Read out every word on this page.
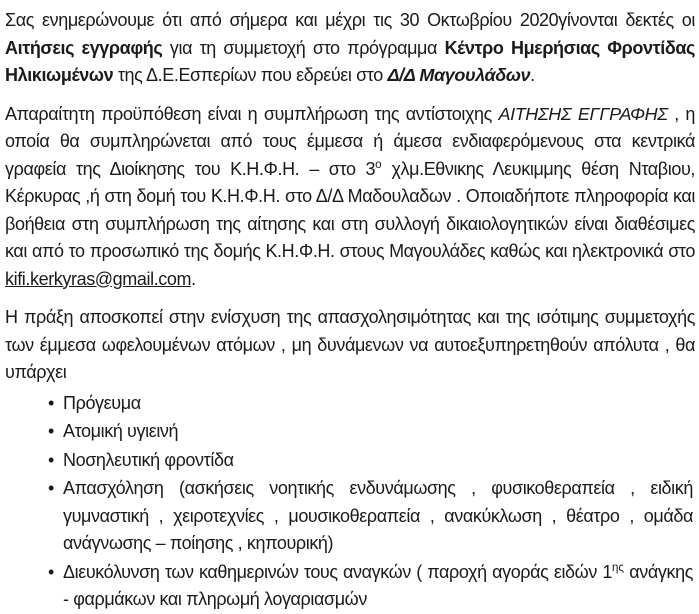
Σας ενημερώνουμε ότι από σήμερα και μέχρι τις 30 Οκτωβρίου 2020γίνονται δεκτές οι Αιτήσεις εγγραφής για τη συμμετοχή στο πρόγραμμα Κέντρο Ημερήσιας Φροντίδας Ηλικιωμένων της Δ.Ε.Εσπερίων που εδρεύει στο Δ/Δ Μαγουλάδων.

Απαραίτητη προϋπόθεση είναι η συμπλήρωση της αντίστοιχης ΑΙΤΗΣΗΣ ΕΓΓΡΑΦΗΣ , η οποία θα συμπληρώνεται από τους έμμεσα ή άμεσα ενδιαφερόμενους στα κεντρικά γραφεία της Διοίκησης του Κ.Η.Φ.Η. – στο $3^o$ χλμ.Εθνικης Λευκιμμης θέση Νταβιου, Κέρκυρας ,ή στη δομή του Κ.Η.Φ.Η. στο Δ/Δ Μαδουλαδων . Οποιαδήποτε πληροφορία και βοήθεια στη συμπλήρωση της αίτησης και στη συλλογή δικαιολογητικών είναι διαθέσιμες και από το προσωπικό της δομής Κ.Η.Φ.Η. στους Μαγουλάδες καθώς και ηλεκτρονικά στο kifi.kerkyras@gmail.com.

Η πράξη αποσκοπεί στην ενίσχυση της απασχολησιμότητας και της ισότιμης συμμετοχής των έμμεσα ωφελουμένων ατόμων , μη δυνάμενων να αυτοεξυπηρετηθούν απόλυτα , θα υπάρχει

• Πρόγευμα
• Ατομική υγιεινή
• Νοσηλευτική φροντίδα
• Απασχόληση (ασκήσεις νοητικής ενδυνάμωσης , φυσικοθεραπεία , ειδική γυμναστική , χειροτεχνίες , μουσικοθεραπεία , ανακύκλωση , θέατρο , ομάδα ανάγνωσης – ποίησης , κηπουρική)
• Διευκόλυνση των καθημερινών τους αναγκών ( παροχή αγοράς ειδών $1^{\eta\varsigma}$ ανάγκης - φαρμάκων και πληρωμή λογαριασμών
